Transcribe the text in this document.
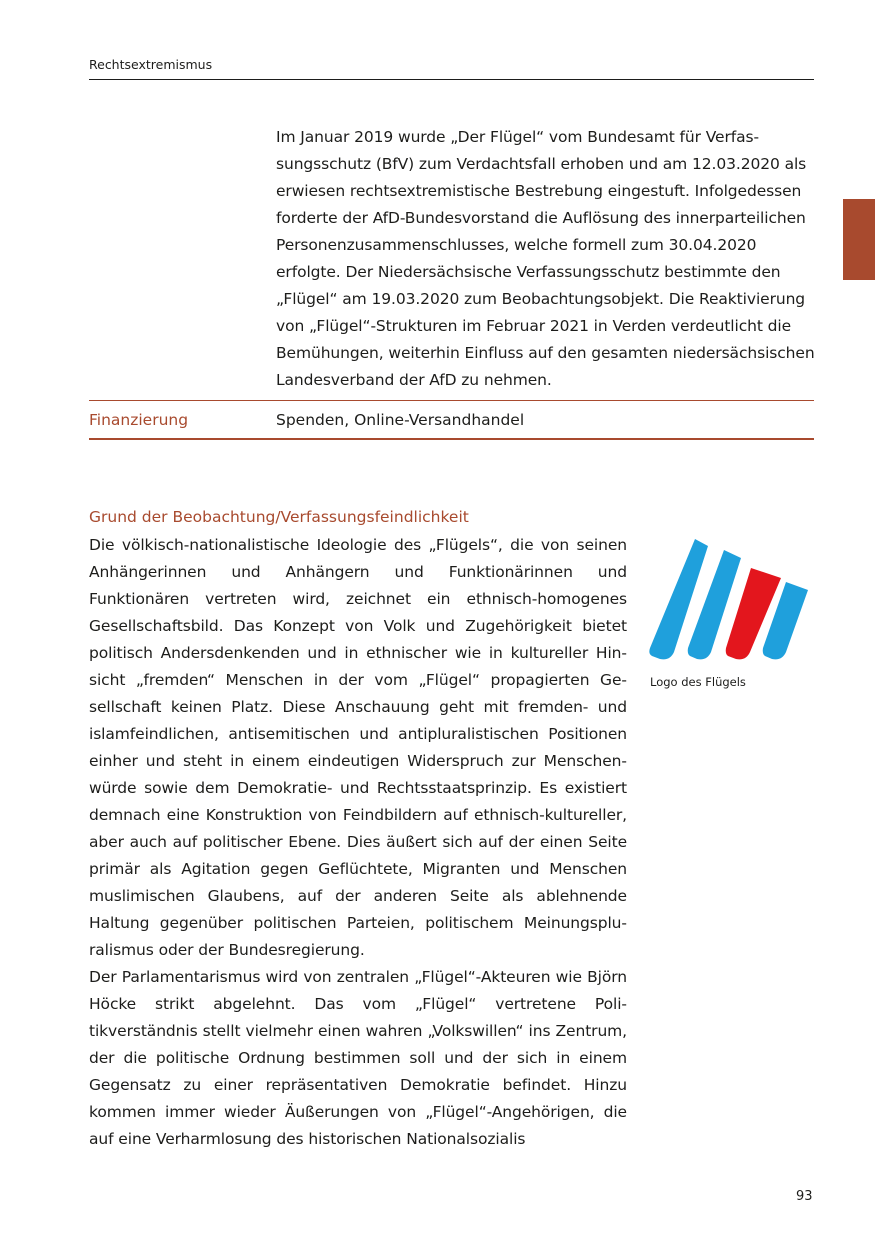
Rechtsextremismus
Im Januar 2019 wurde „Der Flügel“ vom Bundesamt für Verfassungsschutz (BfV) zum Verdachtsfall erhoben und am 12.03.2020 als erwiesen rechtsextremistische Bestrebung eingestuft. Infolgedessen forderte der AfD-Bundesvorstand die Auflösung des innerparteilichen Personenzusammenschlusses, welche formell zum 30.04.2020 erfolgte. Der Niedersächsische Verfassungsschutz bestimmte den „Flügel“ am 19.03.2020 zum Beobachtungsobjekt. Die Reaktivierung von „Flügel“-Strukturen im Februar 2021 in Verden verdeutlicht die Bemühungen, weiterhin Einfluss auf den gesamten niedersächsischen Landesverband der AfD zu nehmen.
Finanzierung	Spenden, Online-Versandhandel
Grund der Beobachtung/Verfassungsfeindlichkeit

Die völkisch-nationalistische Ideologie des „Flügels“, die von seinen Anhängerinnen und Anhängern und Funktionärinnen und Funktionären vertreten wird, zeichnet ein ethnisch-homogenes Gesellschaftsbild. Das Konzept von Volk und Zugehörigkeit bietet politisch Andersdenkenden und in ethnischer wie in kultureller Hinsicht „fremden“ Menschen in der vom „Flügel“ propagierten Gesellschaft keinen Platz. Diese Anschauung geht mit fremden- und islamfeindlichen, antisemitischen und antipluralistischen Positionen einher und steht in einem eindeutigen Widerspruch zur Menschenwürde sowie dem Demokratie- und Rechtsstaatsprinzip. Es existiert demnach eine Konstruktion von Feindbildern auf ethnisch-kultureller, aber auch auf politischer Ebene. Dies äußert sich auf der einen Seite primär als Agitation gegen Geflüchtete, Migranten und Menschen muslimischen Glaubens, auf der anderen Seite als ablehnende Haltung gegenüber politischen Parteien, politischem Meinungspluralismus oder der Bundesregierung.

Der Parlamentarismus wird von zentralen „Flügel“-Akteuren wie Björn Höcke strikt abgelehnt. Das vom „Flügel“ vertretene Politikverständnis stellt vielmehr einen wahren „Volkswillen“ ins Zentrum, der die politische Ordnung bestimmen soll und der sich in einem Gegensatz zu einer repräsentativen Demokratie befindet. Hinzu kommen immer wieder Äußerungen von „Flügel“-Angehörigen, die auf eine Verharmlosung des historischen Nationalsozialis

Logo des Flügels
93
